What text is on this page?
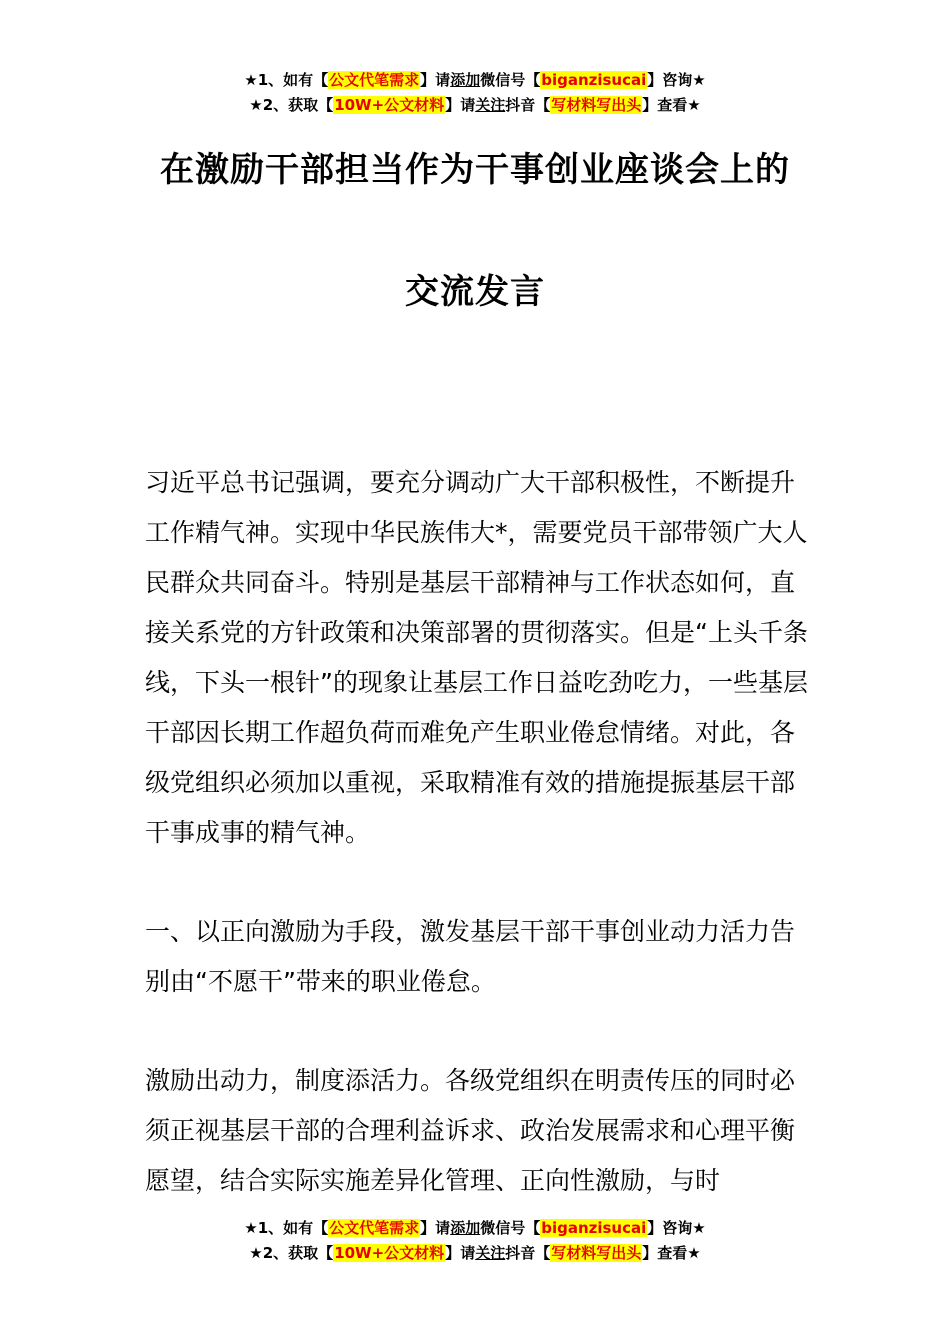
★1、如有【公文代笔需求】请添加微信号【biganzisucai】咨询★
★2、获取【10W+公文材料】请关注抖音【写材料写出头】查看★
在激励干部担当作为干事创业座谈会上的
交流发言

习近平总书记强调，要充分调动广大干部积极性，不断提升工作精气神。实现中华民族伟大*，需要党员干部带领广大人民群众共同奋斗。特别是基层干部精神与工作状态如何，直接关系党的方针政策和决策部署的贯彻落实。但是“上头千条线，下头一根针”的现象让基层工作日益吃劲吃力，一些基层干部因长期工作超负荷而难免产生职业倦怠情绪。对此，各级党组织必须加以重视，采取精准有效的措施提振基层干部干事成事的精气神。

一、以正向激励为手段，激发基层干部干事创业动力活力告别由“不愿干”带来的职业倦怠。

激励出动力，制度添活力。各级党组织在明责传压的同时必须正视基层干部的合理利益诉求、政治发展需求和心理平衡愿望，结合实际实施差异化管理、正向性激励，与时

★1、如有【公文代笔需求】请添加微信号【biganzisucai】咨询★
★2、获取【10W+公文材料】请关注抖音【写材料写出头】查看★
